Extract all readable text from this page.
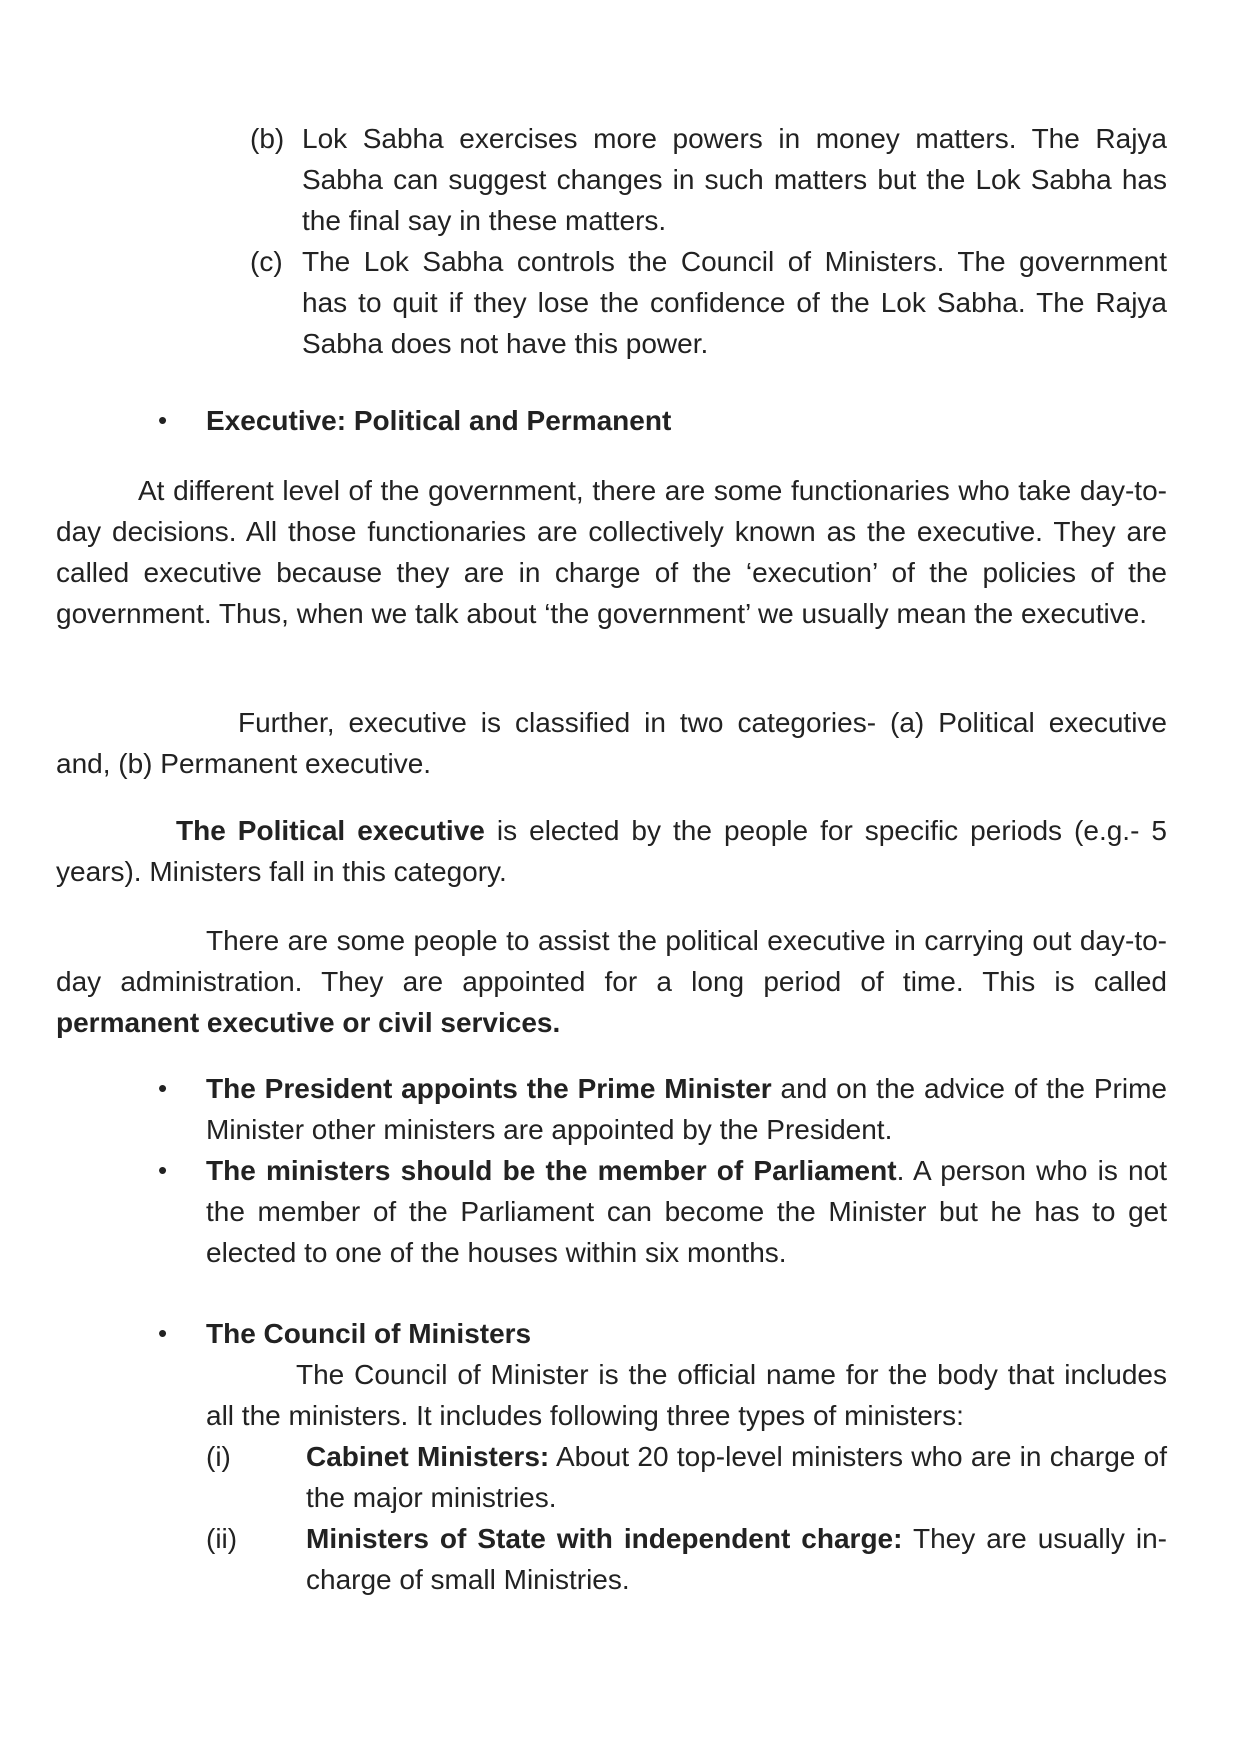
(b) Lok Sabha exercises more powers in money matters. The Rajya Sabha can suggest changes in such matters but the Lok Sabha has the final say in these matters.
(c) The Lok Sabha controls the Council of Ministers. The government has to quit if they lose the confidence of the Lok Sabha. The Rajya Sabha does not have this power.
•	Executive: Political and Permanent

At different level of the government, there are some functionaries who take day-to-day decisions. All those functionaries are collectively known as the executive. They are called executive because they are in charge of the ‘execution’ of the policies of the government. Thus, when we talk about ‘the government’ we usually mean the executive.

Further, executive is classified in two categories- (a) Political executive and, (b) Permanent executive.

The Political executive is elected by the people for specific periods (e.g.- 5 years). Ministers fall in this category.

There are some people to assist the political executive in carrying out day-to-day administration. They are appointed for a long period of time. This is called permanent executive or civil services.

•	The President appoints the Prime Minister and on the advice of the Prime Minister other ministers are appointed by the President.
•	The ministers should be the member of Parliament. A person who is not the member of the Parliament can become the Minister but he has to get elected to one of the houses within six months.
•	The Council of Ministers

The Council of Minister is the official name for the body that includes all the ministers. It includes following three types of ministers:

(i)	Cabinet Ministers: About 20 top-level ministers who are in charge of the major ministries.
(ii)	Ministers of State with independent charge: They are usually in-charge of small Ministries.
